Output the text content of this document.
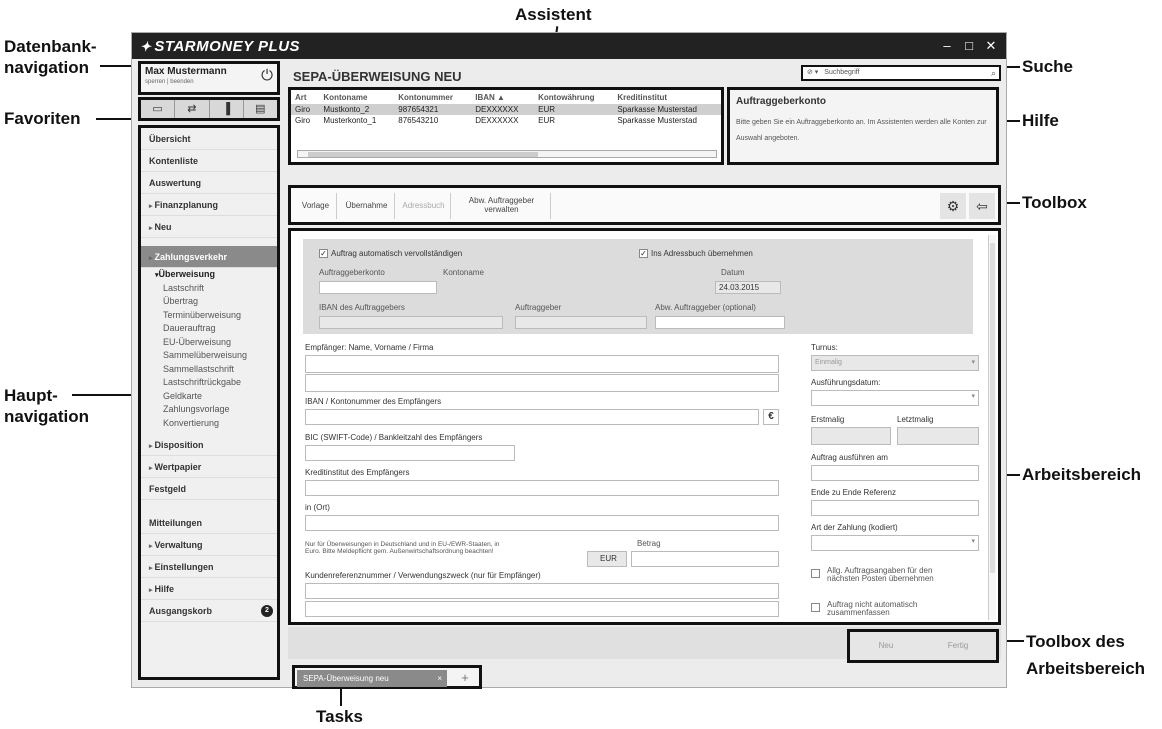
Datenbank-
navigation
Favoriten
Haupt-
navigation
Assistent
Suche
Hilfe
Toolbox
Arbeitsbereich
Toolbox des
Arbeitsbereich
Tasks
✦ STARMONEY PLUS	–	□ ✕
Max Mustermann
sperren | beenden	⏻
▭	⇄	▐	▤
Übersicht
Kontenliste
Auswertung
▸ Finanzplanung
▸ Neu
▸ Zahlungsverkehr
▾ Überweisung
Lastschrift
Übertrag
Terminüberweisung
Dauerauftrag
EU-Überweisung
Sammelüberweisung
Sammellastschrift
Lastschriftrückgabe
Geldkarte
Zahlungsvorlage
Konvertierung
▸ Disposition
▸ Wertpapier
Festgeld
Mitteilungen
▸ Verwaltung
▸ Einstellungen
▸ Hilfe
Ausgangskorb	2
SEPA-ÜBERWEISUNG NEU	⊘ ▾ Suchbegriff	⌕
Art	Kontoname	Kontonummer	IBAN ▲	Kontowährung	Kreditinstitut
Giro	Mustkonto_2	987654321	DEXXXXXX	EUR	Sparkasse Musterstad
Giro	Musterkonto_1	876543210	DEXXXXXX	EUR	Sparkasse Musterstad
Auftraggeberkonto
Bitte geben Sie ein Auftraggeberkonto an. Im Assistenten werden alle Konten zur Auswahl angeboten.
Vorlage	Übernahme	Adressbuch
Abw. Auftraggeber
verwalten	⚙	⇦
✓ Auftrag automatisch vervollständigen	✓ Ins Adressbuch übernehmen
Auftraggeberkonto	Kontoname	Datum
24.03.2015
IBAN des Auftraggebers	Auftraggeber	Abw. Auftraggeber (optional)
Empfänger: Name, Vorname / Firma
IBAN / Kontonummer des Empfängers
€
BIC (SWIFT-Code) / Bankleitzahl des Empfängers
Kreditinstitut des Empfängers
in (Ort)
Nur für Überweisungen in Deutschland und in EU-/EWR-Staaten, in Euro. Bitte Meldepflicht gem. Außenwirtschaftsordnung beachten!
Betrag
EUR
Kundenreferenznummer / Verwendungszweck (nur für Empfänger)
Turnus:
Einmalig	▾
Ausführungsdatum:
▾
Erstmalig	Letztmalig
Auftrag ausführen am
Ende zu Ende Referenz
Art der Zahlung (kodiert)
▾
Allg. Auftragsangaben für den
nächsten Posten übernehmen
Auftrag nicht automatisch
zusammenfassen
Neu	Fertig
SEPA-Überweisung neu	×	+
